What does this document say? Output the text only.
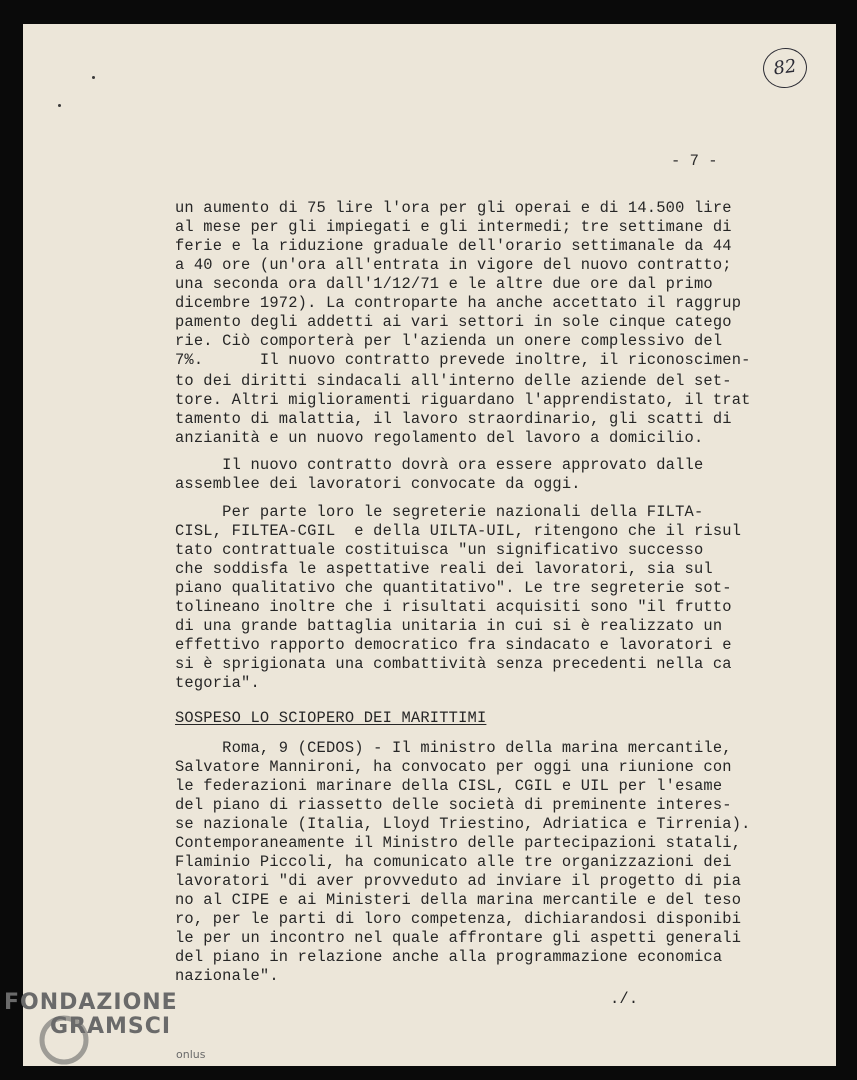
82
- 7 -
un aumento di 75 lire l'ora per gli operai e di 14.500 lire
al mese per gli impiegati e gli intermedi; tre settimane di
ferie e la riduzione graduale dell'orario settimanale da 44
a 40 ore (un'ora all'entrata in vigore del nuovo contratto;
una seconda ora dall'1/12/71 e le altre due ore dal primo
dicembre 1972). La controparte ha anche accettato il raggrup
pamento degli addetti ai vari settori in sole cinque catego
rie. Ciò comporterà per l'azienda un onere complessivo del
7%.      Il nuovo contratto prevede inoltre, il riconoscimen-
to dei diritti sindacali all'interno delle aziende del set-
tore. Altri miglioramenti riguardano l'apprendistato, il trat
tamento di malattia, il lavoro straordinario, gli scatti di
anzianità e un nuovo regolamento del lavoro a domicilio.
Il nuovo contratto dovrà ora essere approvato dalle
assemblee dei lavoratori convocate da oggi.
Per parte loro le segreterie nazionali della FILTA-
CISL, FILTEA-CGIL  e della UILTA-UIL, ritengono che il risul
tato contrattuale costituisca "un significativo successo
che soddisfa le aspettative reali dei lavoratori, sia sul
piano qualitativo che quantitativo". Le tre segreterie sot-
tolineano inoltre che i risultati acquisiti sono "il frutto
di una grande battaglia unitaria in cui si è realizzato un
effettivo rapporto democratico fra sindacato e lavoratori e
si è sprigionata una combattività senza precedenti nella ca
tegoria".
SOSPESO LO SCIOPERO DEI MARITTIMI
Roma, 9 (CEDOS) - Il ministro della marina mercantile,
Salvatore Mannironi, ha convocato per oggi una riunione con
le federazioni marinare della CISL, CGIL e UIL per l'esame
del piano di riassetto delle società di preminente interes-
se nazionale (Italia, Lloyd Triestino, Adriatica e Tirrenia).
Contemporaneamente il Ministro delle partecipazioni statali,
Flaminio Piccoli, ha comunicato alle tre organizzazioni dei
lavoratori "di aver provveduto ad inviare il progetto di pia
no al CIPE e ai Ministeri della marina mercantile e del teso
ro, per le parti di loro competenza, dichiarandosi disponibi
le per un incontro nel quale affrontare gli aspetti generali
del piano in relazione anche alla programmazione economica
nazionale".
./.
FONDAZIONE
GRAMSCI
onlus
